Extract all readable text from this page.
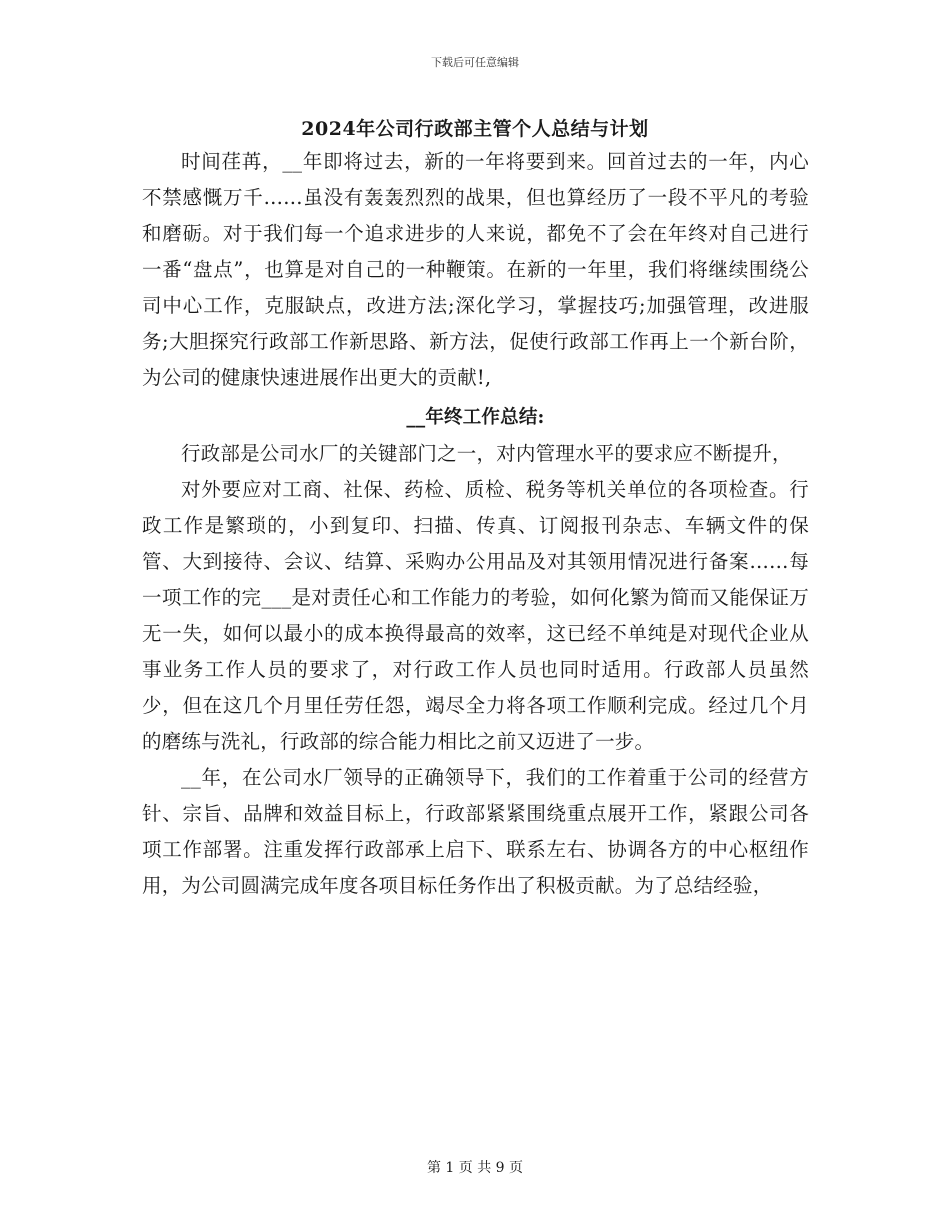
下载后可任意编辑
2024年公司行政部主管个人总结与计划

时间荏苒，__年即将过去，新的一年将要到来。回首过去的一年，内心不禁感慨万千……虽没有轰轰烈烈的战果，但也算经历了一段不平凡的考验和磨砺。对于我们每一个追求进步的人来说，都免不了会在年终对自己进行一番“盘点”，也算是对自己的一种鞭策。在新的一年里，我们将继续围绕公司中心工作，克服缺点，改进方法;深化学习，掌握技巧;加强管理，改进服务;大胆探究行政部工作新思路、新方法，促使行政部工作再上一个新台阶，为公司的健康快速进展作出更大的贡献!,

__年终工作总结:

行政部是公司水厂的关键部门之一，对内管理水平的要求应不断提升，

对外要应对工商、社保、药检、质检、税务等机关单位的各项检查。行政工作是繁琐的，小到复印、扫描、传真、订阅报刊杂志、车辆文件的保管、大到接待、会议、结算、采购办公用品及对其领用情况进行备案……每一项工作的完___是对责任心和工作能力的考验，如何化繁为简而又能保证万无一失，如何以最小的成本换得最高的效率，这已经不单纯是对现代企业从事业务工作人员的要求了，对行政工作人员也同时适用。行政部人员虽然少，但在这几个月里任劳任怨，竭尽全力将各项工作顺利完成。经过几个月的磨练与洗礼，行政部的综合能力相比之前又迈进了一步。

__年，在公司水厂领导的正确领导下，我们的工作着重于公司的经营方针、宗旨、品牌和效益目标上，行政部紧紧围绕重点展开工作，紧跟公司各项工作部署。注重发挥行政部承上启下、联系左右、协调各方的中心枢纽作用，为公司圆满完成年度各项目标任务作出了积极贡献。为了总结经验，

第 1 页 共 9 页
